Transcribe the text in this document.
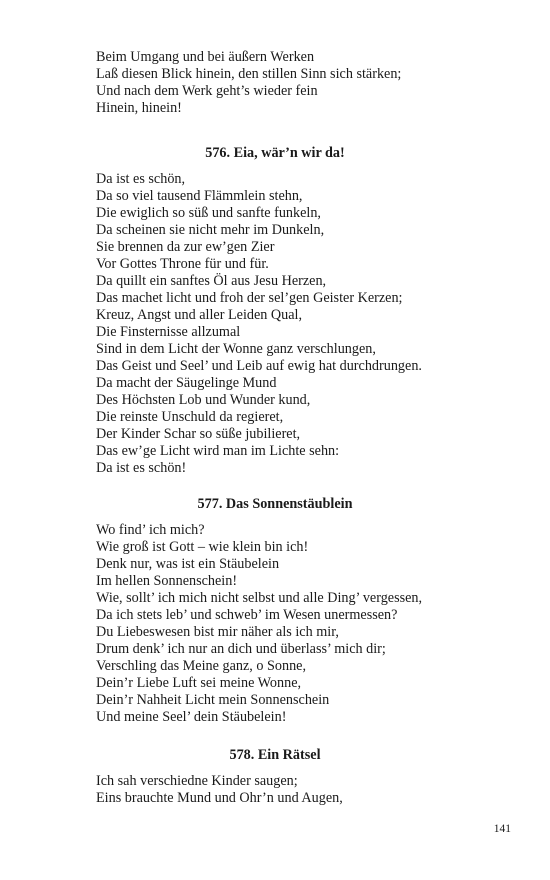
Beim Umgang und bei äußern Werken
Laß diesen Blick hinein, den stillen Sinn sich stärken;
Und nach dem Werk geht’s wieder fein
Hinein, hinein!
576. Eia, wär’n wir da!
Da ist es schön,
Da so viel tausend Flämmlein stehn,
Die ewiglich so süß und sanfte funkeln,
Da scheinen sie nicht mehr im Dunkeln,
Sie brennen da zur ew’gen Zier
Vor Gottes Throne für und für.
Da quillt ein sanftes Öl aus Jesu Herzen,
Das machet licht und froh der sel’gen Geister Kerzen;
Kreuz, Angst und aller Leiden Qual,
Die Finsternisse allzumal
Sind in dem Licht der Wonne ganz verschlungen,
Das Geist und Seel’ und Leib auf ewig hat durchdrungen.
Da macht der Säugelinge Mund
Des Höchsten Lob und Wunder kund,
Die reinste Unschuld da regieret,
Der Kinder Schar so süße jubilieret,
Das ew’ge Licht wird man im Lichte sehn:
Da ist es schön!
577. Das Sonnenstäublein
Wo find’ ich mich?
Wie groß ist Gott – wie klein bin ich!
Denk nur, was ist ein Stäubelein
Im hellen Sonnenschein!
Wie, sollt’ ich mich nicht selbst und alle Ding’ vergessen,
Da ich stets leb’ und schweb’ im Wesen unermessen?
Du Liebeswesen bist mir näher als ich mir,
Drum denk’ ich nur an dich und überlass’ mich dir;
Verschling das Meine ganz, o Sonne,
Dein’r Liebe Luft sei meine Wonne,
Dein’r Nahheit Licht mein Sonnenschein
Und meine Seel’ dein Stäubelein!
578. Ein Rätsel
Ich sah verschiedne Kinder saugen;
Eins brauchte Mund und Ohr’n und Augen,
141
